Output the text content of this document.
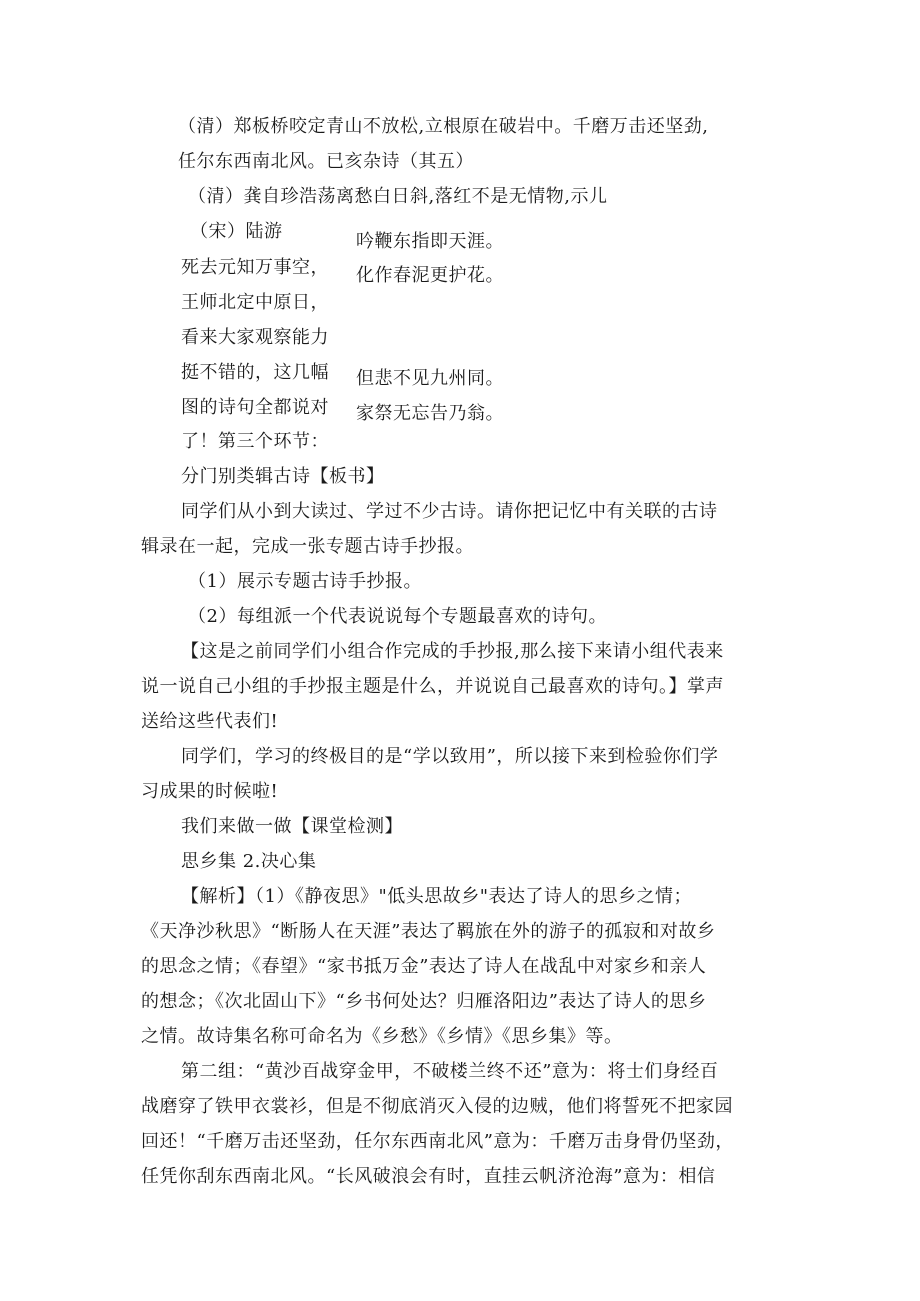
（清）郑板桥咬定青山不放松,立根原在破岩中。千磨万击还坚劲,
任尔东西南北风。已亥杂诗（其五）
（清）龚自珍浩荡离愁白日斜,落红不是无情物,示儿
（宋）陆游
死去元知万事空，
王师北定中原日，
看来大家观察能力
挺不错的，这几幅
图的诗句全都说对
了！第三个环节：
分门别类辑古诗【板书】
吟鞭东指即天涯。
化作春泥更护花。
但悲不见九州同。
家祭无忘告乃翁。
同学们从小到大读过、学过不少古诗。请你把记忆中有关联的古诗
辑录在一起，完成一张专题古诗手抄报。
（1）展示专题古诗手抄报。
（2）每组派一个代表说说每个专题最喜欢的诗句。
【这是之前同学们小组合作完成的手抄报,那么接下来请小组代表来
说一说自己小组的手抄报主题是什么，并说说自己最喜欢的诗句。】掌声
送给这些代表们!
同学们，学习的终极目的是“学以致用”，所以接下来到检验你们学
习成果的时候啦!
我们来做一做【课堂检测】
思乡集 2.决心集
【解析】（1）《静夜思》"低头思故乡"表达了诗人的思乡之情；
《天净沙秋思》“断肠人在天涯”表达了羁旅在外的游子的孤寂和对故乡
的思念之情；《春望》“家书抵万金”表达了诗人在战乱中对家乡和亲人
的想念；《次北固山下》“乡书何处达？归雁洛阳边”表达了诗人的思乡
之情。故诗集名称可命名为《乡愁》《乡情》《思乡集》等。
第二组：“黄沙百战穿金甲，不破楼兰终不还”意为：将士们身经百
战磨穿了铁甲衣裳衫，但是不彻底消灭入侵的边贼，他们将誓死不把家园
回还！“千磨万击还坚劲，任尔东西南北风”意为：千磨万击身骨仍坚劲，
任凭你刮东西南北风。“长风破浪会有时，直挂云帆济沧海”意为：相信
